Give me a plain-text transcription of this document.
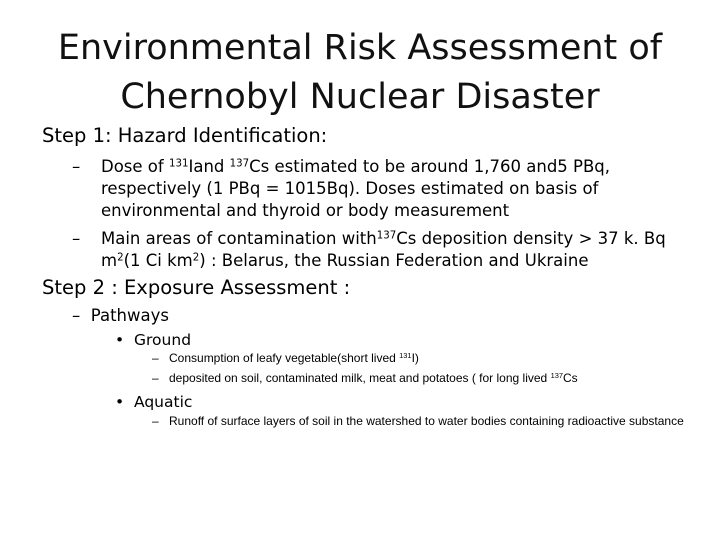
Environmental Risk Assessment of
Chernobyl Nuclear Disaster
Step 1: Hazard Identification:
– Dose of $^{131}$Iand $^{137}$Cs estimated to be around 1,760 and5 PBq, respectively (1 PBq = 1015Bq). Doses estimated on basis of environmental and thyroid or body measurement
– Main areas of contamination with$^{137}$Cs deposition density > 37 k. Bq $m^2(1$ Ci $km^2$) : Belarus, the Russian Federation and Ukraine
Step 2 : Exposure Assessment :
– Pathways
• Ground
– Consumption of leafy vegetable(short lived $^{131}$I)
– deposited on soil, contaminated milk, meat and potatoes ( for long lived $^{137}$Cs
• Aquatic
– Runoff of surface layers of soil in the watershed to water bodies containing radioactive substance
